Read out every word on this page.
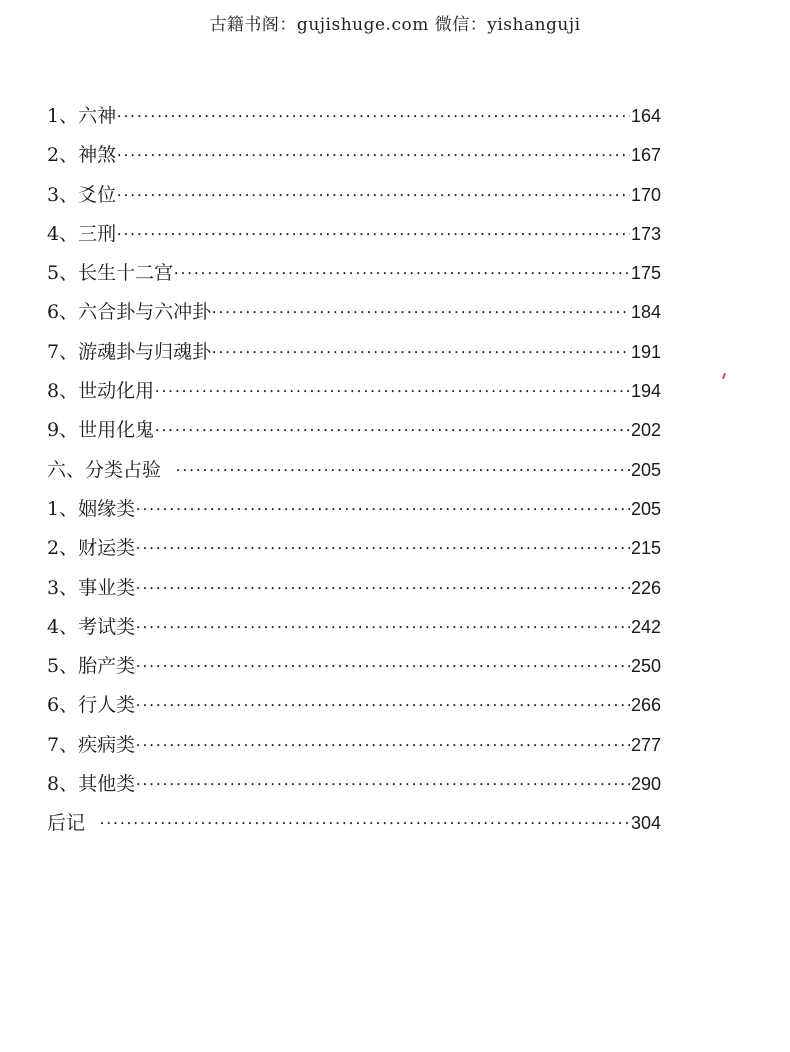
古籍书阁：gujishuge.com 微信：yishanguji
1、六神 •••••	164
2、神煞 •••••	167
3、爻位 •••••	170
4、三刑 •••••	173
5、长生十二宫 •••••	175
6、六合卦与六冲卦 •••••	184
7、游魂卦与归魂卦 •••••	191
8、世动化用 •••••	194
9、世用化鬼 •••••	202
六、分类占验 •••••	205
1、姻缘类 •••••	205
2、财运类 •••••	215
3、事业类 •••••	226
4、考试类 •••••	242
5、胎产类 •••••	250
6、行人类 •••••	266
7、疾病类 •••••	277
8、其他类 •••••	290
后记 •••••	304
